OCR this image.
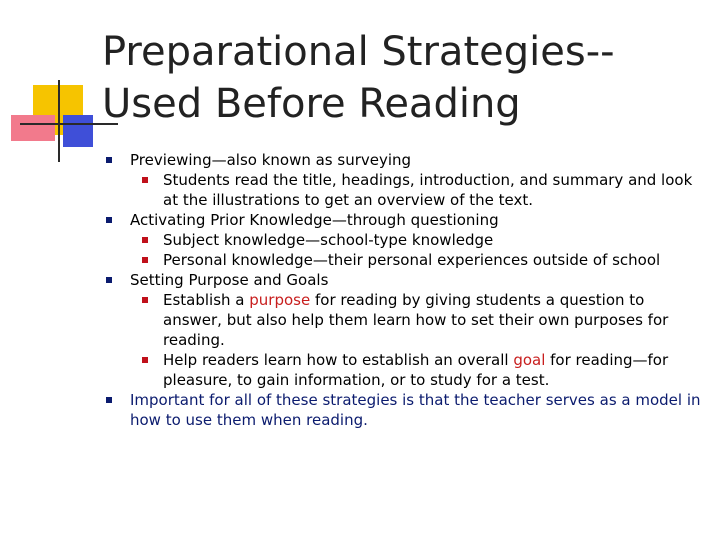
Preparational Strategies--Used Before Reading
Previewing—also known as surveying
Students read the title, headings, introduction, and summary and look at the illustrations to get an overview of the text.
Activating Prior Knowledge—through questioning
Subject knowledge—school-type knowledge
Personal knowledge—their personal experiences outside of school
Setting Purpose and Goals
Establish a purpose for reading by giving students a question to answer, but also help them learn how to set their own purposes for reading.
Help readers learn how to establish an overall goal for reading—for pleasure, to gain information, or to study for a test.
Important for all of these strategies is that the teacher serves as a model in how to use them when reading.
